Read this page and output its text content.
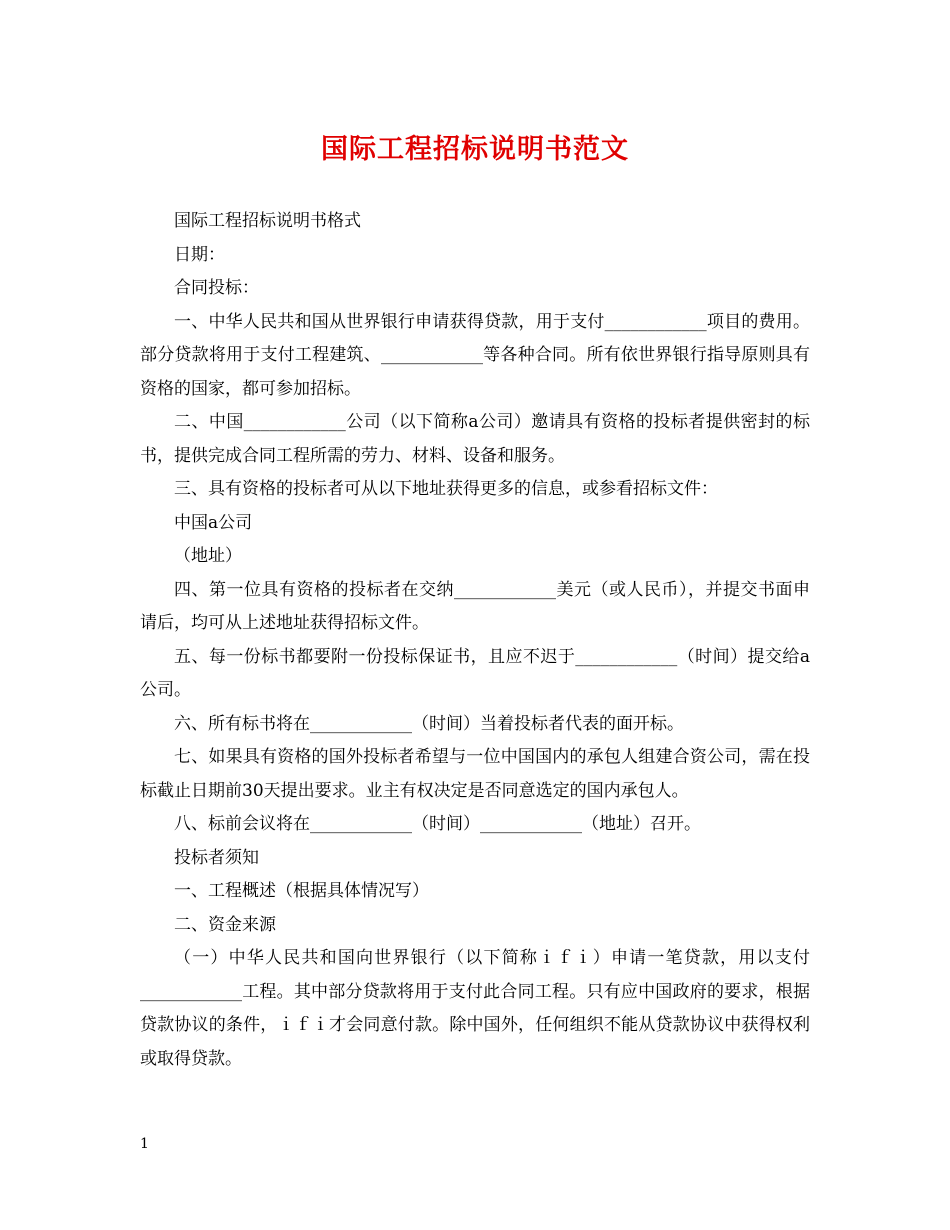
国际工程招标说明书范文

国际工程招标说明书格式

日期：

合同投标：

一、中华人民共和国从世界银行申请获得贷款，用于支付____________项目的费用。部分贷款将用于支付工程建筑、____________等各种合同。所有依世界银行指导原则具有资格的国家，都可参加招标。

二、中国____________公司（以下简称a公司）邀请具有资格的投标者提供密封的标书，提供完成合同工程所需的劳力、材料、设备和服务。

三、具有资格的投标者可从以下地址获得更多的信息，或参看招标文件：

中国a公司

（地址）

四、第一位具有资格的投标者在交纳____________美元（或人民币），并提交书面申请后，均可从上述地址获得招标文件。

五、每一份标书都要附一份投标保证书，且应不迟于____________（时间）提交给a公司。

六、所有标书将在____________（时间）当着投标者代表的面开标。

七、如果具有资格的国外投标者希望与一位中国国内的承包人组建合资公司，需在投标截止日期前30天提出要求。业主有权决定是否同意选定的国内承包人。

八、标前会议将在____________（时间）____________（地址）召开。

投标者须知

一、工程概述（根据具体情况写）

二、资金来源

（一）中华人民共和国向世界银行（以下简称ｉｆｉ）申请一笔贷款，用以支付____________工程。其中部分贷款将用于支付此合同工程。只有应中国政府的要求，根据贷款协议的条件，ｉｆｉ才会同意付款。除中国外，任何组织不能从贷款协议中获得权利或取得贷款。

1
